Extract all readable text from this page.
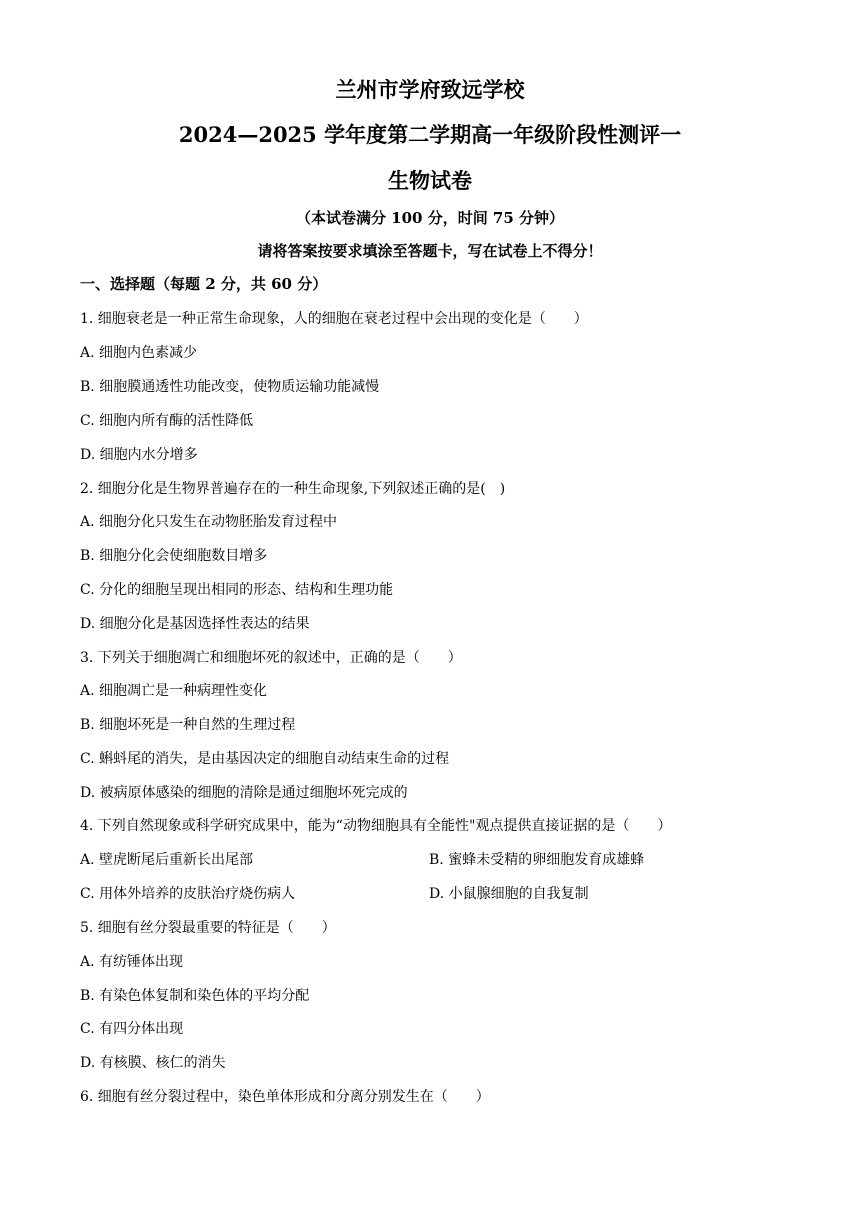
兰州市学府致远学校
2024—2025 学年度第二学期高一年级阶段性测评一
生物试卷
（本试卷满分 100 分，时间 75 分钟）
请将答案按要求填涂至答题卡，写在试卷上不得分！
一、选择题（每题 2 分，共 60 分）
1. 细胞衰老是一种正常生命现象，人的细胞在衰老过程中会出现的变化是（　　）
A. 细胞内色素减少
B. 细胞膜通透性功能改变，使物质运输功能减慢
C. 细胞内所有酶的活性降低
D. 细胞内水分增多
2. 细胞分化是生物界普遍存在的一种生命现象,下列叙述正确的是(　)
A. 细胞分化只发生在动物胚胎发育过程中
B. 细胞分化会使细胞数目增多
C. 分化的细胞呈现出相同的形态、结构和生理功能
D. 细胞分化是基因选择性表达的结果
3. 下列关于细胞凋亡和细胞坏死的叙述中，正确的是（　　）
A. 细胞凋亡是一种病理性变化
B. 细胞坏死是一种自然的生理过程
C. 蝌蚪尾的消失，是由基因决定的细胞自动结束生命的过程
D. 被病原体感染的细胞的清除是通过细胞坏死完成的
4. 下列自然现象或科学研究成果中，能为“动物细胞具有全能性"观点提供直接证据的是（　　）
A. 壁虎断尾后重新长出尾部	B. 蜜蜂未受精的卵细胞发育成雄蜂
C. 用体外培养的皮肤治疗烧伤病人	D. 小鼠腺细胞的自我复制
5. 细胞有丝分裂最重要的特征是（　　）
A. 有纺锤体出现
B. 有染色体复制和染色体的平均分配
C. 有四分体出现
D. 有核膜、核仁的消失
6. 细胞有丝分裂过程中，染色单体形成和分离分别发生在（　　）
